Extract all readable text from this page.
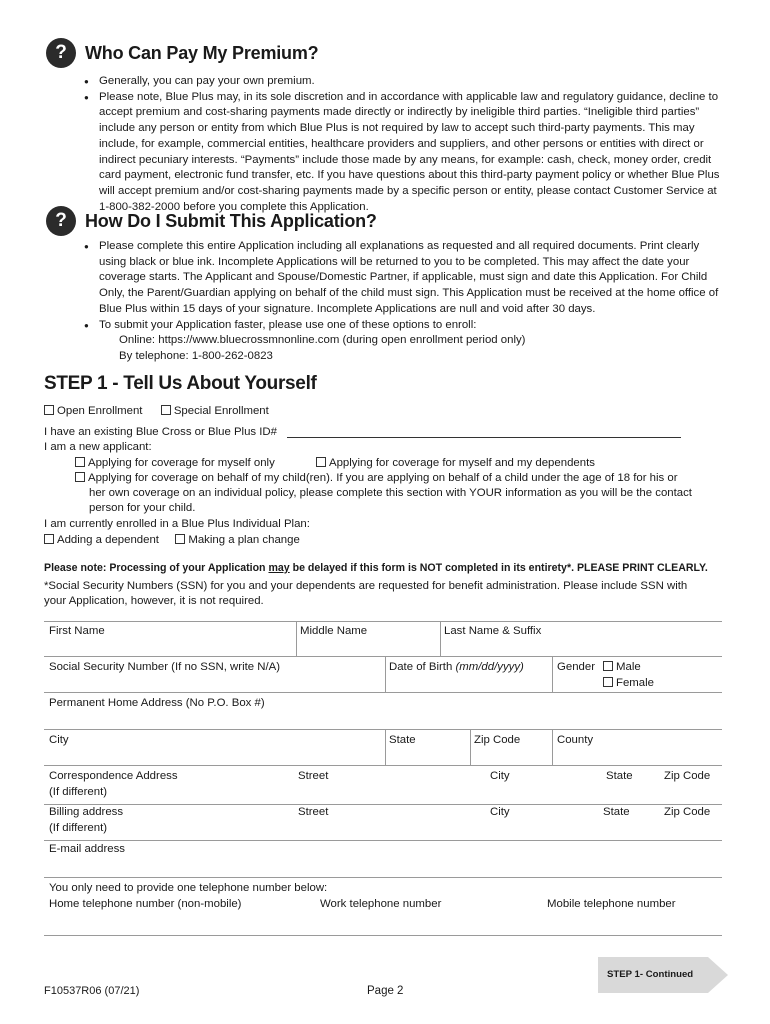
?	Who Can Pay My Premium?
● Generally, you can pay your own premium.
● Please note, Blue Plus may, in its sole discretion and in accordance with applicable law and regulatory guidance, decline to accept premium and cost-sharing payments made directly or indirectly by ineligible third parties. “Ineligible third parties” include any person or entity from which Blue Plus is not required by law to accept such third-party payments. This may include, for example, commercial entities, healthcare providers and suppliers, and other persons or entities with direct or indirect pecuniary interests. “Payments” include those made by any means, for example: cash, check, money order, credit card payment, electronic fund transfer, etc. If you have questions about this third-party payment policy or whether Blue Plus will accept premium and/or cost-sharing payments made by a specific person or entity, please contact Customer Service at 1-800-382-2000 before you complete this Application.
?	How Do I Submit This Application?
● Please complete this entire Application including all explanations as requested and all required documents. Print clearly using black or blue ink. Incomplete Applications will be returned to you to be completed. This may affect the date your coverage starts. The Applicant and Spouse/Domestic Partner, if applicable, must sign and date this Application. For Child Only, the Parent/Guardian applying on behalf of the child must sign. This Application must be received at the home office of Blue Plus within 15 days of your signature. Incomplete Applications are null and void after 30 days.
● To submit your Application faster, please use one of these options to enroll:
Online: https://www.bluecrossmnonline.com (during open enrollment period only)
By telephone: 1-800-262-0823
STEP 1 - Tell Us About Yourself
Open Enrollment	Special Enrollment
I have an existing Blue Cross or Blue Plus ID#
I am a new applicant:
Applying for coverage for myself only	Applying for coverage for myself and my dependents
Applying for coverage on behalf of my child(ren). If you are applying on behalf of a child under the age of 18 for his or
her own coverage on an individual policy, please complete this section with YOUR information as you will be the contact
person for your child.
I am currently enrolled in a Blue Plus Individual Plan:
Adding a dependent	Making a plan change
Please note: Processing of your Application may be delayed if this form is NOT completed in its entirety*. PLEASE PRINT CLEARLY.
*Social Security Numbers (SSN) for you and your dependents are requested for benefit administration. Please include SSN with
your Application, however, it is not required.
First Name	Middle Name	Last Name & Suffix
Social Security Number (If no SSN, write N/A)	Date of Birth (mm/dd/yyyy)	Gender	Male
Female
Permanent Home Address (No P.O. Box #)
City	State	Zip Code	County
Correspondence Address
(If different)
Street	City	State	Zip Code
Billing address
(If different)
Street	City	State	Zip Code
E-mail address
You only need to provide one telephone number below:
Home telephone number (non-mobile)	Work telephone number	Mobile telephone number
F10537R06 (07/21)	Page 2
STEP 1- Continued
